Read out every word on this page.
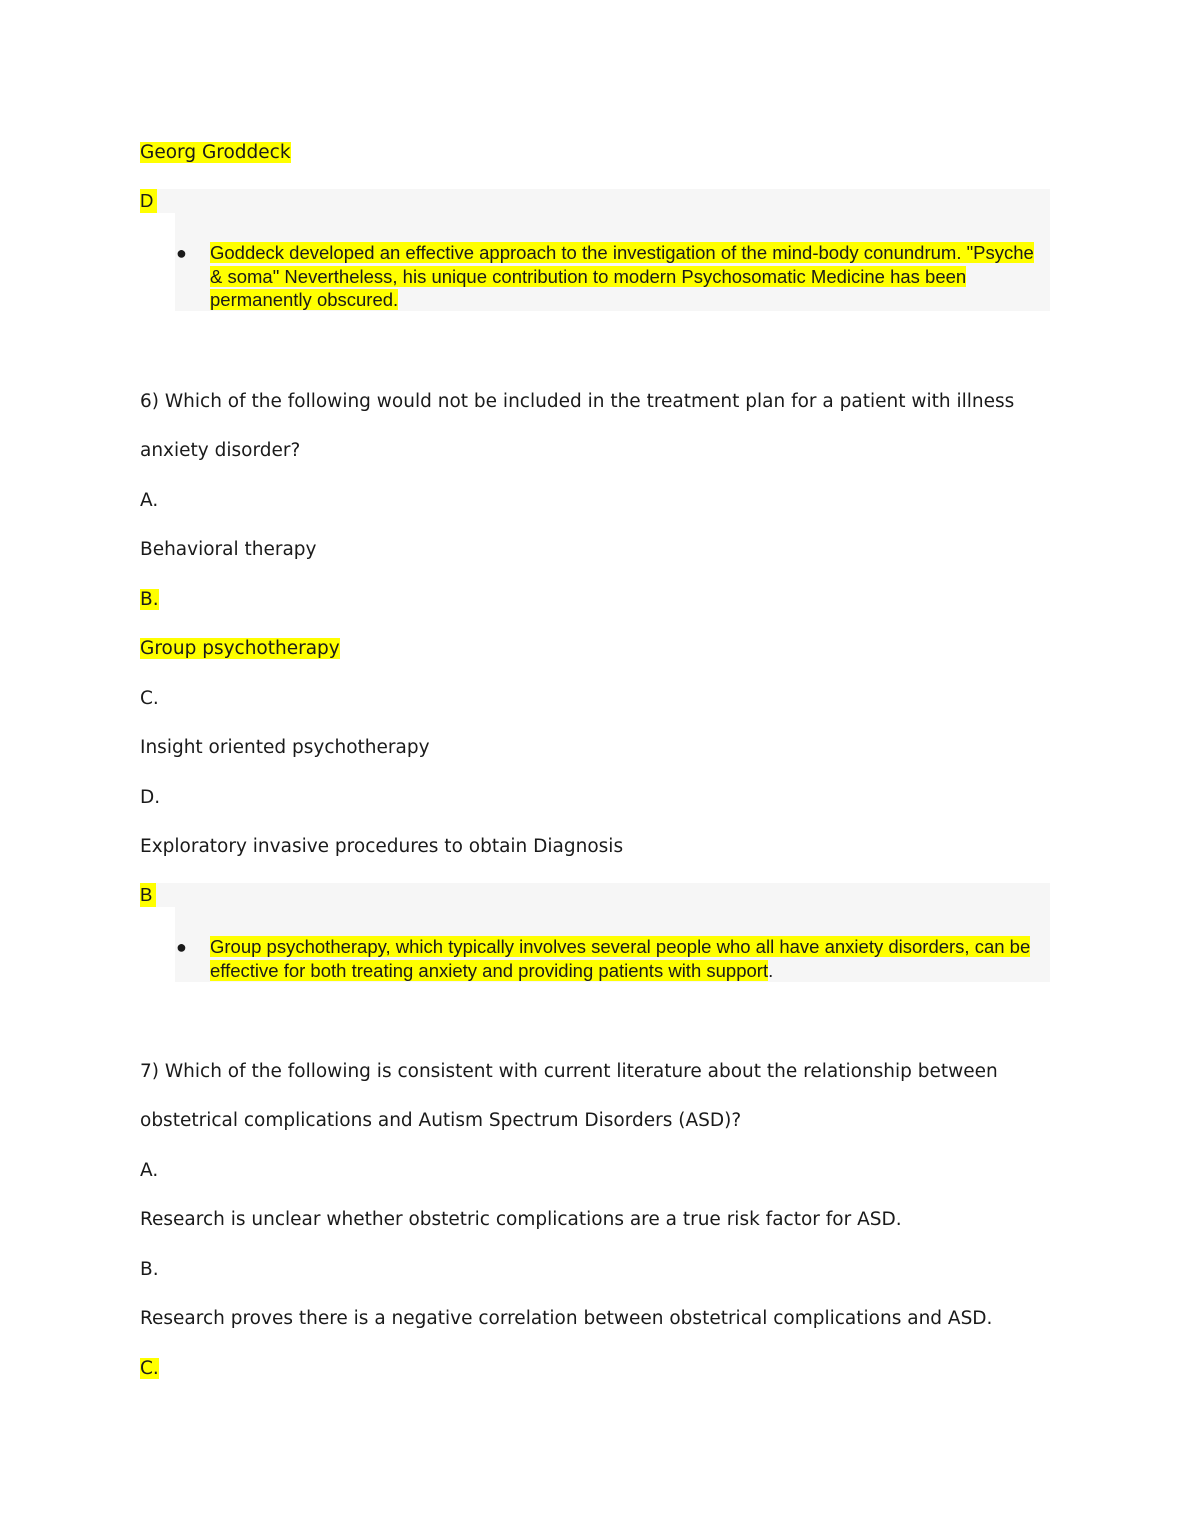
Georg Groddeck
D
● Goddeck developed an effective approach to the investigation of the mind-body conundrum. "Psyche & soma" Nevertheless, his unique contribution to modern Psychosomatic Medicine has been permanently obscured.
6) Which of the following would not be included in the treatment plan for a patient with illness
anxiety disorder?
A.
Behavioral therapy
B.
Group psychotherapy
C.
Insight oriented psychotherapy
D.
Exploratory invasive procedures to obtain Diagnosis
B
● Group psychotherapy, which typically involves several people who all have anxiety disorders, can be effective for both treating anxiety and providing patients with support.
7) Which of the following is consistent with current literature about the relationship between
obstetrical complications and Autism Spectrum Disorders (ASD)?
A.
Research is unclear whether obstetric complications are a true risk factor for ASD.
B.
Research proves there is a negative correlation between obstetrical complications and ASD.
C.
